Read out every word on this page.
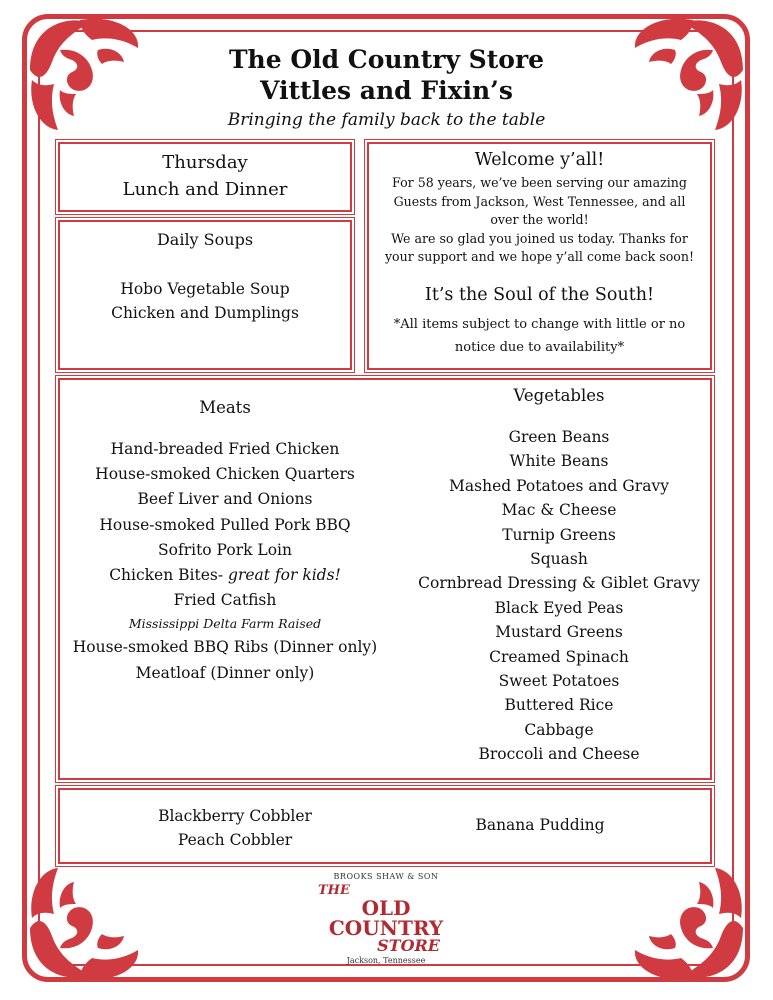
The Old Country Store
Vittles and Fixin’s
Bringing the family back to the table
Thursday
Lunch and Dinner
Daily Soups
Hobo Vegetable Soup
Chicken and Dumplings
Welcome y’all!
For 58 years, we’ve been serving our amazing Guests from Jackson, West Tennessee, and all over the world!
We are so glad you joined us today. Thanks for your support and we hope y’all come back soon!
It’s the Soul of the South!
*All items subject to change with little or no notice due to availability*
Meats
Hand-breaded Fried Chicken
House-smoked Chicken Quarters
Beef Liver and Onions
House-smoked Pulled Pork BBQ
Sofrito Pork Loin
Chicken Bites- great for kids!
Fried Catfish
Mississippi Delta Farm Raised
House-smoked BBQ Ribs (Dinner only)
Meatloaf (Dinner only)
Vegetables
Green Beans
White Beans
Mashed Potatoes and Gravy
Mac & Cheese
Turnip Greens
Squash
Cornbread Dressing & Giblet Gravy
Black Eyed Peas
Mustard Greens
Creamed Spinach
Sweet Potatoes
Buttered Rice
Cabbage
Broccoli and Cheese
Blackberry Cobbler
Peach Cobbler
Banana Pudding
BROOKS SHAW & SON
THE
OLD COUNTRY
STORE
Jackson, Tennessee
